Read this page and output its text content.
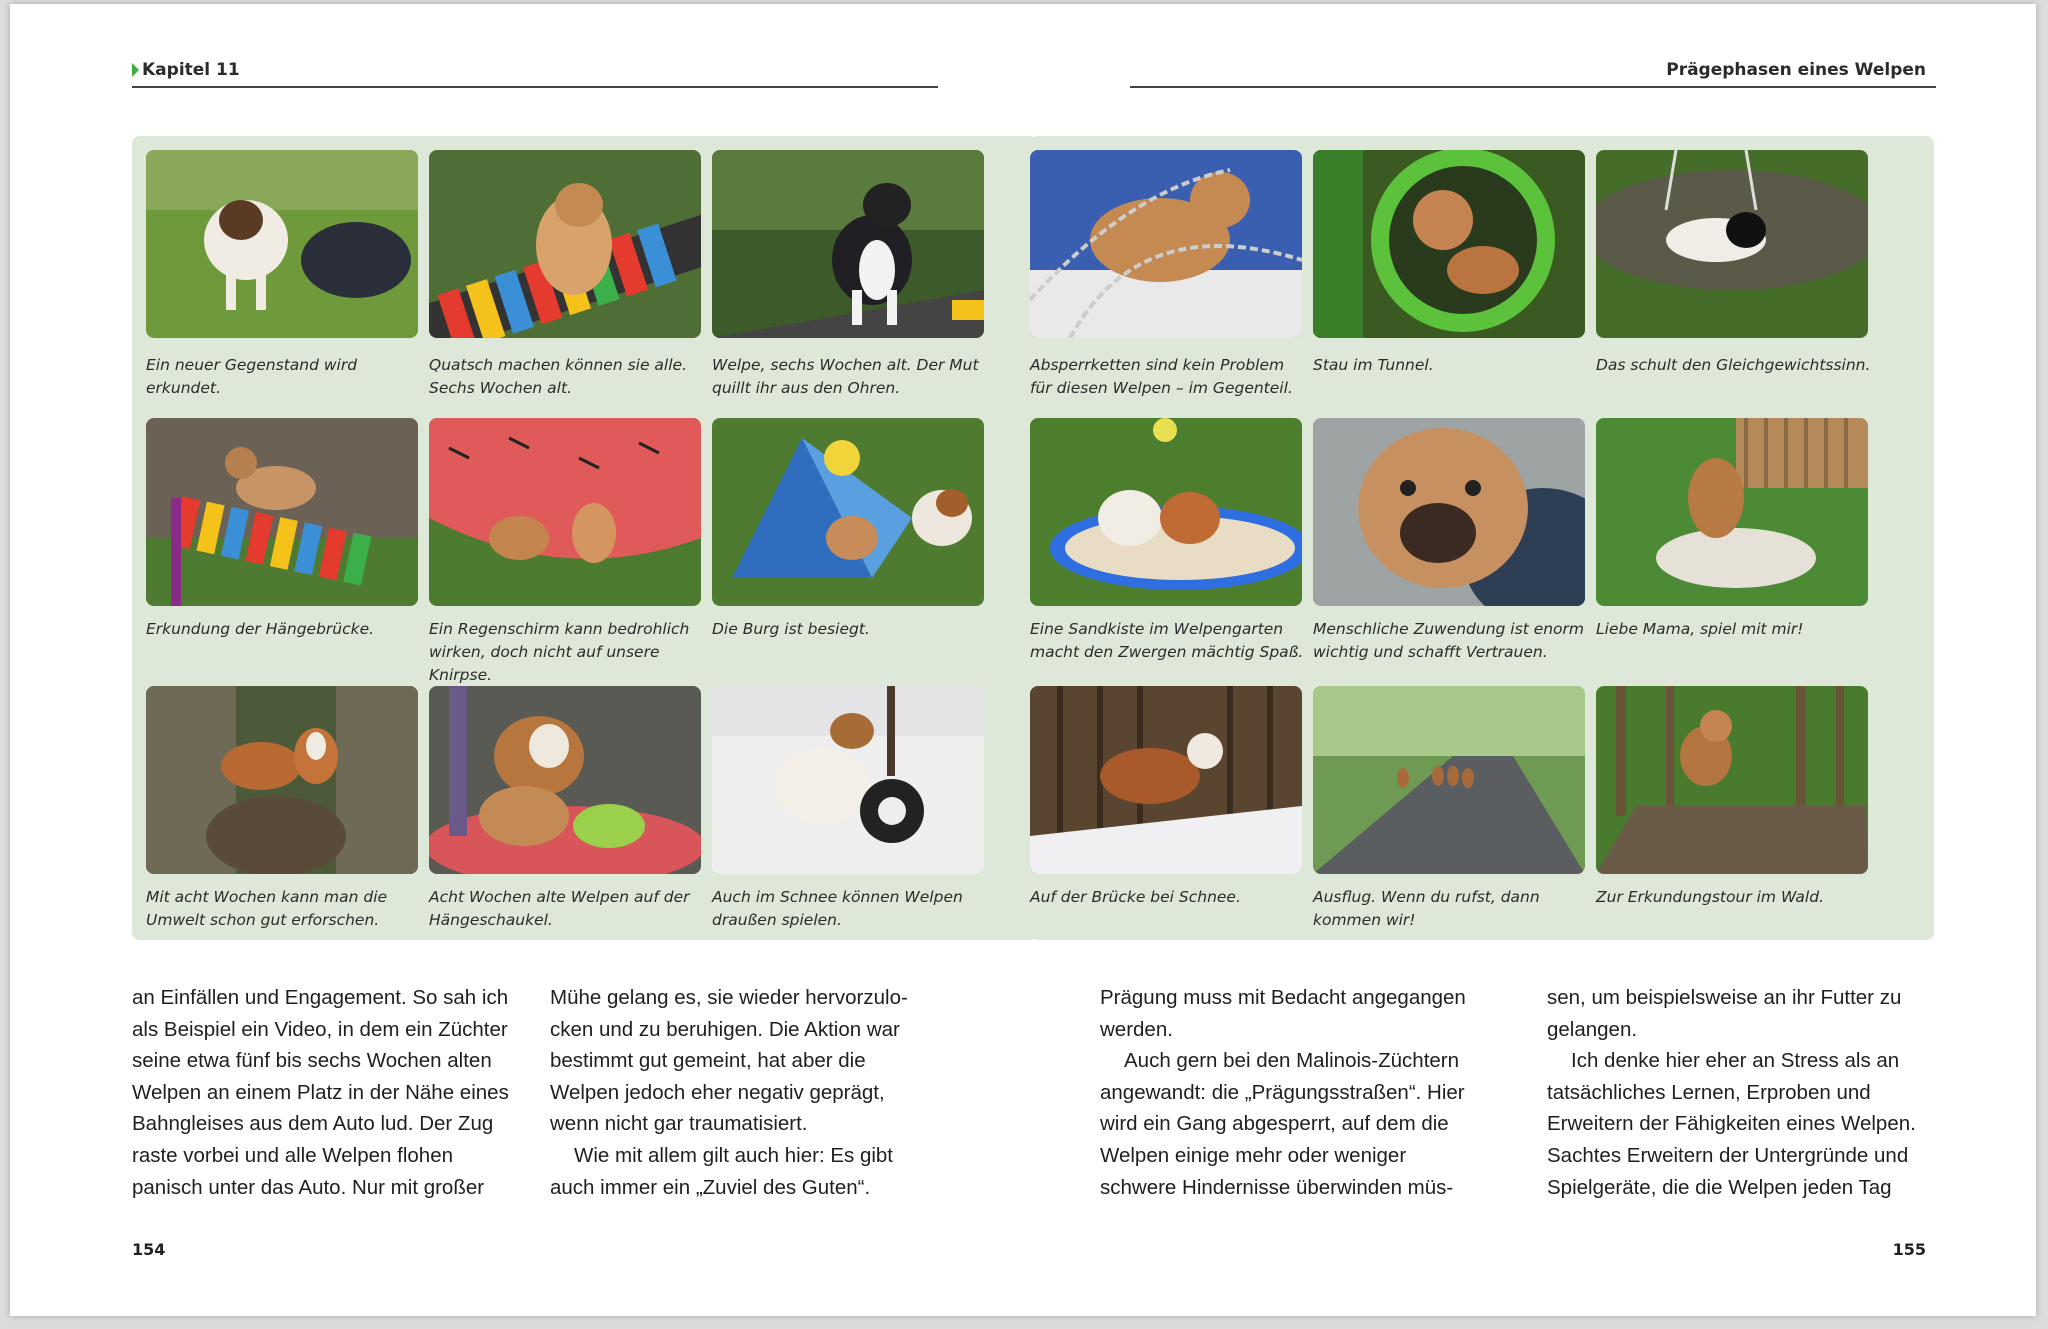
Kapitel 11	Prägephasen eines Welpen
Ein neuer Gegenstand wird erkundet.
Quatsch machen können sie alle. Sechs Wochen alt.
Welpe, sechs Wochen alt. Der Mut quillt ihr aus den Ohren.
Erkundung der Hängebrücke.	Ein Regenschirm kann bedrohlich wirken, doch nicht auf unsere Knirpse.
Die Burg ist besiegt.
Mit acht Wochen kann man die Umwelt schon gut erforschen.
Acht Wochen alte Welpen auf der Hängeschaukel.
Auch im Schnee können Welpen draußen spielen.
Absperrketten sind kein Problem für diesen Welpen – im Gegenteil.
Stau im Tunnel.	Das schult den Gleichgewichtssinn.
Eine Sandkiste im Welpengarten macht den Zwergen mächtig Spaß.
Menschliche Zuwendung ist enorm wichtig und schafft Vertrauen.
Liebe Mama, spiel mit mir!
Auf der Brücke bei Schnee.	Ausflug. Wenn du rufst, dann kommen wir!
Zur Erkundungstour im Wald.

an Einfällen und Engagement. So sah ich

als Beispiel ein Video, in dem ein Züchter

seine etwa fünf bis sechs Wochen alten

Welpen an einem Platz in der Nähe eines

Bahngleises aus dem Auto lud. Der Zug

raste vorbei und alle Welpen flohen

panisch unter das Auto. Nur mit großer

Mühe gelang es, sie wieder hervorzulo-

cken und zu beruhigen. Die Aktion war

bestimmt gut gemeint, hat aber die

Welpen jedoch eher negativ geprägt,

wenn nicht gar traumatisiert.

Wie mit allem gilt auch hier: Es gibt

auch immer ein „Zuviel des Guten“.

Prägung muss mit Bedacht angegangen

werden.

Auch gern bei den Malinois-Züchtern

angewandt: die „Prägungsstraßen“. Hier

wird ein Gang abgesperrt, auf dem die

Welpen einige mehr oder weniger

schwere Hindernisse überwinden müs-

sen, um beispielsweise an ihr Futter zu

gelangen.

Ich denke hier eher an Stress als an

tatsächliches Lernen, Erproben und

Erweitern der Fähigkeiten eines Welpen.

Sachtes Erweitern der Untergründe und

Spielgeräte, die die Welpen jeden Tag

154	155
